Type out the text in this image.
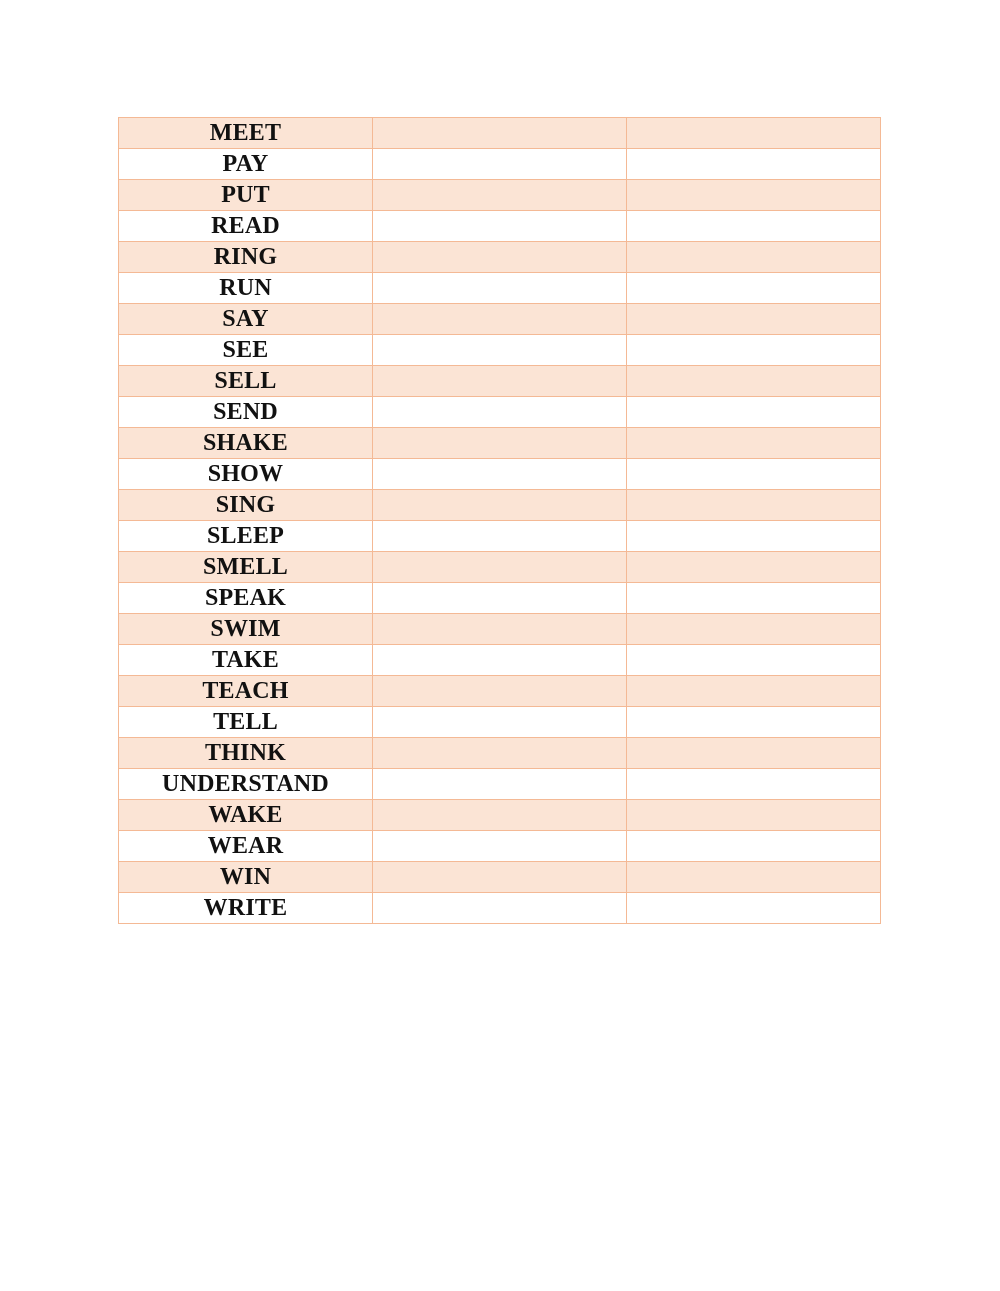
MEET		
PAY		
PUT		
READ		
RING		
RUN		
SAY		
SEE		
SELL		
SEND		
SHAKE		
SHOW		
SING		
SLEEP		
SMELL		
SPEAK		
SWIM		
TAKE		
TEACH		
TELL		
THINK		
UNDERSTAND		
WAKE		
WEAR		
WIN		
WRITE		
